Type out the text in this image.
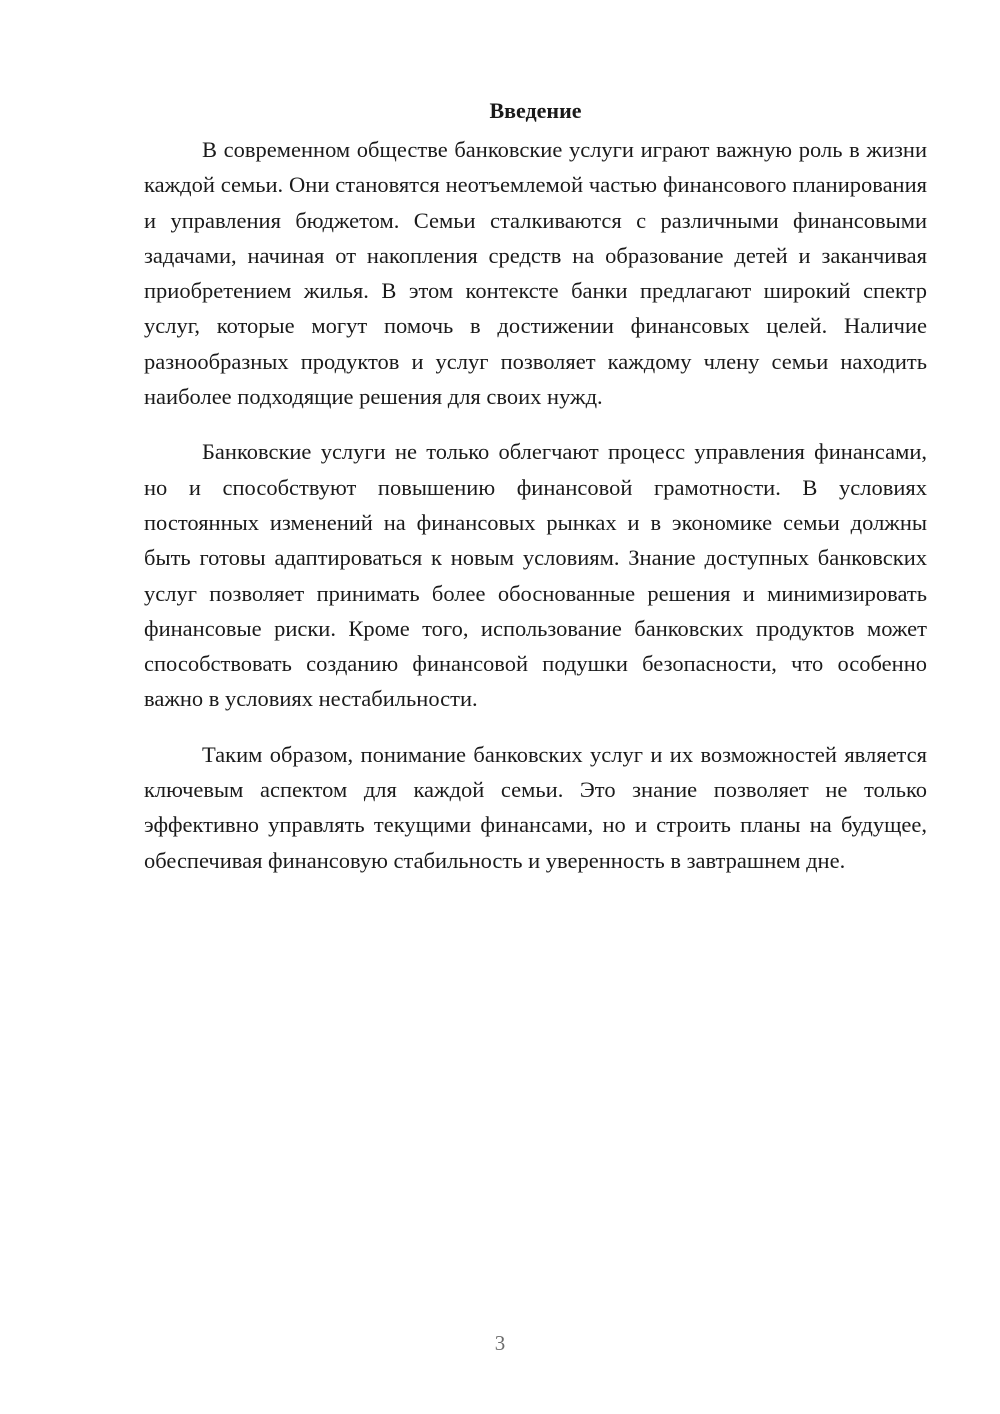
Введение

В современном обществе банковские услуги играют важную роль в жизни каждой семьи. Они становятся неотъемлемой частью финансового планирования и управления бюджетом. Семьи сталкиваются с различными финансовыми задачами, начиная от накопления средств на образование детей и заканчивая приобретением жилья. В этом контексте банки предлагают широкий спектр услуг, которые могут помочь в достижении финансовых целей. Наличие разнообразных продуктов и услуг позволяет каждому члену семьи находить наиболее подходящие решения для своих нужд.

Банковские услуги не только облегчают процесс управления финансами, но и способствуют повышению финансовой грамотности. В условиях постоянных изменений на финансовых рынках и в экономике семьи должны быть готовы адаптироваться к новым условиям. Знание доступных банковских услуг позволяет принимать более обоснованные решения и минимизировать финансовые риски. Кроме того, использование банковских продуктов может способствовать созданию финансовой подушки безопасности, что особенно важно в условиях нестабильности.

Таким образом, понимание банковских услуг и их возможностей является ключевым аспектом для каждой семьи. Это знание позволяет не только эффективно управлять текущими финансами, но и строить планы на будущее, обеспечивая финансовую стабильность и уверенность в завтрашнем дне.

3
